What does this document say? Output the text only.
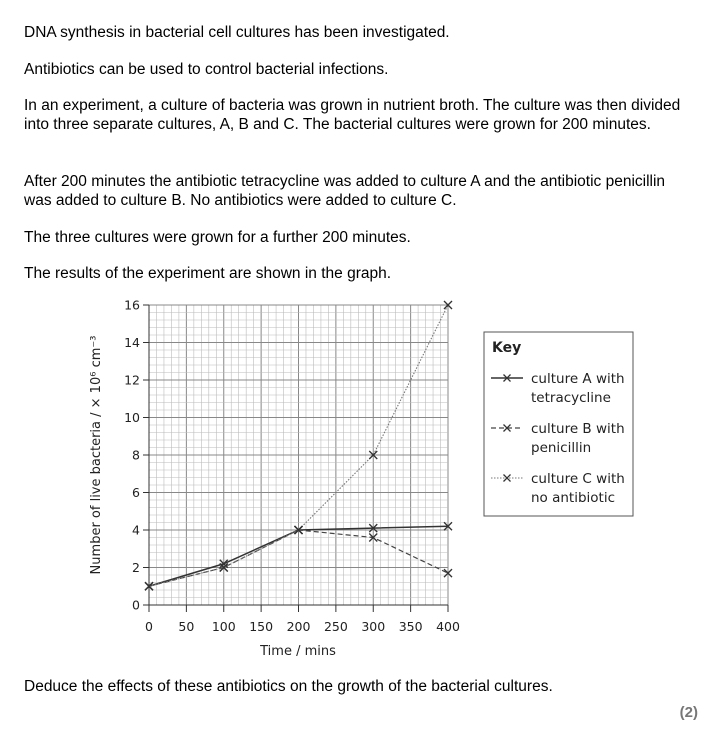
DNA synthesis in bacterial cell cultures has been investigated.

Antibiotics can be used to control bacterial infections.

In an experiment, a culture of bacteria was grown in nutrient broth. The culture was then divided into three separate cultures, A, B and C. The bacterial cultures were grown for 200 minutes.

After 200 minutes the antibiotic tetracycline was added to culture A and the antibiotic penicillin was added to culture B. No antibiotics were added to culture C.

The three cultures were grown for a further 200 minutes.

The results of the experiment are shown in the graph.

0
2
4
6
8
10
12
14
16
0 50 100 150 200 250 300 350 400
Time / mins
Number of live bacteria / × 10⁶ cm⁻³	Key
culture A with
tetracycline
culture B with
penicillin
culture C with
no antibiotic

Deduce the effects of these antibiotics on the growth of the bacterial cultures.

(2)
